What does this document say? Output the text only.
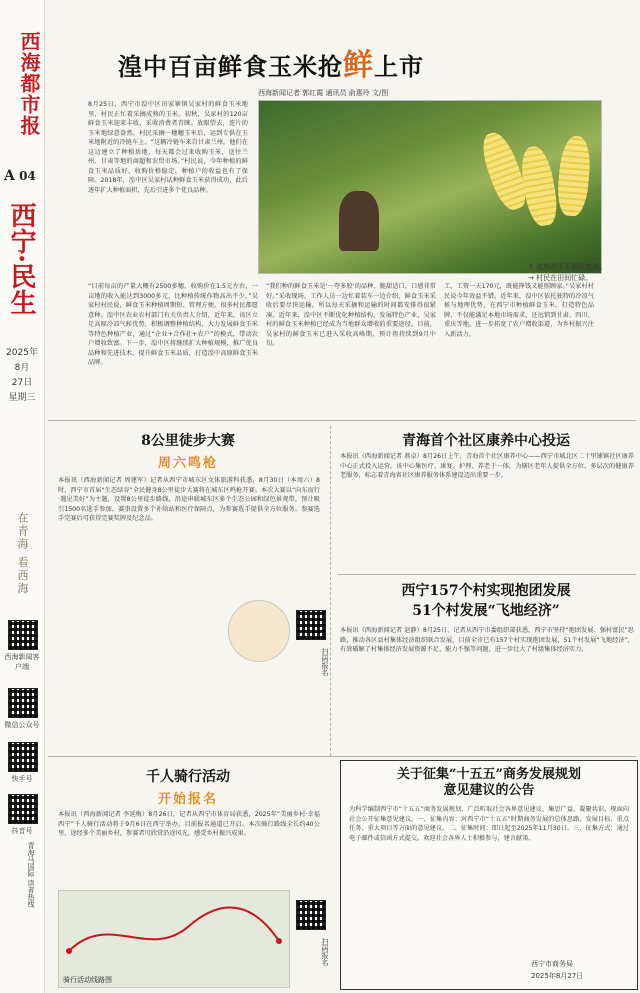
西海都市报
A 04
西宁·民生
2025年
8月
27日
星期三
在青海 看西海
西海新闻客户端
微信公众号
快手号
抖音号
青海马国际 读者热线
湟中百亩鲜食玉米抢鲜上市
西海新闻记者 郭红霞 通讯员 俞惠玲 文/图
8月25日，西宁市湟中区田家寨镇吴家村的鲜食玉米地里，村民正忙着采摘成熟的玉米。初秋，吴家村的120亩鲜食玉米迎来丰收，采收消费者青睐。放眼望去，连片的玉米地绿意盎然，村民采摘一穗穗玉米后，运到专供在玉米地附近的冷链车上。“这辆冷链车来自甘肃兰州，他们在这边建立了种植基地，每天都会过来收购玉米，送往兰州、甘肃等地的商超和农贸市场。”村民说，今年种植的鲜食玉米品质好，收购价格稳定，种植户的收益也有了保障。2018年，湟中区吴家村试种鲜食玉米获得成功，此后逐年扩大种植面积，先后引进多个优良品种。
↑ 成熟的玉米颗粒饱满。
→ 村民在田间忙碌。
“目前每亩的产量大概有2500多穗，收购价在1.5元左右，一亩地的收入能达到3000多元，比种植传统作物高出不少。”吴家村村民说，鲜食玉米种植周期短、管理方便，很多村民都愿意种。湟中区农业农村部门有关负责人介绍，近年来，该区立足高原冷凉气候优势，积极调整种植结构，大力发展鲜食玉米等特色种植产业，通过“企业+合作社+农户”的模式，带动农户增收致富。下一步，湟中区将继续扩大种植规模，推广优良品种和先进技术，提升鲜食玉米品质，打造湟中高原鲜食玉米品牌。
“我们种的鲜食玉米是‘一夸多胶’的品种，脆甜适口，口感非常好。”采收现场，工作人员一边忙着装车一边介绍，鲜食玉米采收后要尽快运输，所以每天采摘和运输的时间都安排得很紧凑。近年来，湟中区不断优化种植结构，发展特色产业，吴家村的鲜食玉米种植已经成为当地群众增收的重要途径。目前，吴家村的鲜食玉米已进入采收高峰期，预计将持续到9月中旬。
工，工资一天170元，既能挣钱又能照顾家。”吴家村村民说今年效益不错。近年来，湟中区依托独特的冷凉气候与地理优势，在西宁市种植鲜食玉米，打造特色品牌，不仅能满足本地市场需求，还远销到甘肃、四川、重庆等地，进一步拓宽了农户增收渠道，为乡村振兴注入新活力。
8公里徒步大赛
周六鸣枪
本报讯（西海新闻记者 周建军）记者从西宁市城东区文体旅游科获悉，8月30日（本周六）8时，西宁市首届“生态绿谷”全民健身8公里徒步大赛将在城东区鸣枪开赛。本次大赛以“向东而行·遇见美好”为主题，设置8公里徒步路线，沿途串联城东区多个生态公园和绿色景观带，预计吸引1500名选手参加。赛事设置多个补给站和医疗保障点，为参赛选手提供全方位服务。参赛选手完赛后可获得完赛奖牌及纪念品。
扫码报名
青海首个社区康养中心投运
本报讯（西海新闻记者 燕卓）8月26日上午，青海首个社区康养中心——西宁市城北区二十里铺镇社区康养中心正式投入运营。该中心集医疗、康复、护理、养老于一体，为辖区老年人提供全方位、多层次的健康养老服务，标志着青海省社区康养服务体系建设迈出重要一步。
西宁157个村实现抱团发展
51个村发展“飞地经济”
本报讯（西海新闻记者 赵静）8月25日，记者从西宁市委组织部获悉，西宁市坚持“抱团发展、强村富民”思路，推动各区县村集体经济组织联合发展，目前全市已有157个村实现抱团发展，51个村发展“飞地经济”，有效破解了村集体经济发展资源不足、能力不强等问题，进一步壮大了村级集体经济实力。
千人骑行活动
开始报名
本报讯（西海新闻记者 李延梅）8月26日，记者从西宁市体育局获悉，2025年“美丽乡村·幸福西宁”千人骑行活动将于9月6日在西宁举办，目前报名通道已开启。本次骑行路线全长约40公里，途经多个美丽乡村，参赛者可欣赏沿途风光，感受乡村振兴成果。
骑行活动线路图
扫码报名
关于征集“十五五”商务发展规划
意见建议的公告
为科学编制西宁市“十五五”商务发展规划，广泛听取社会各界意见建议，集思广益、凝聚共识，现面向社会公开征集意见建议。一、征集内容：对西宁市“十五五”时期商务发展的总体思路、发展目标、重点任务、重大项目等方面的意见建议。二、征集时间：即日起至2025年11月30日。三、征集方式：通过电子邮件或信函方式提交。欢迎社会各界人士积极参与，建言献策。
西宁市商务局
2025年8月27日
